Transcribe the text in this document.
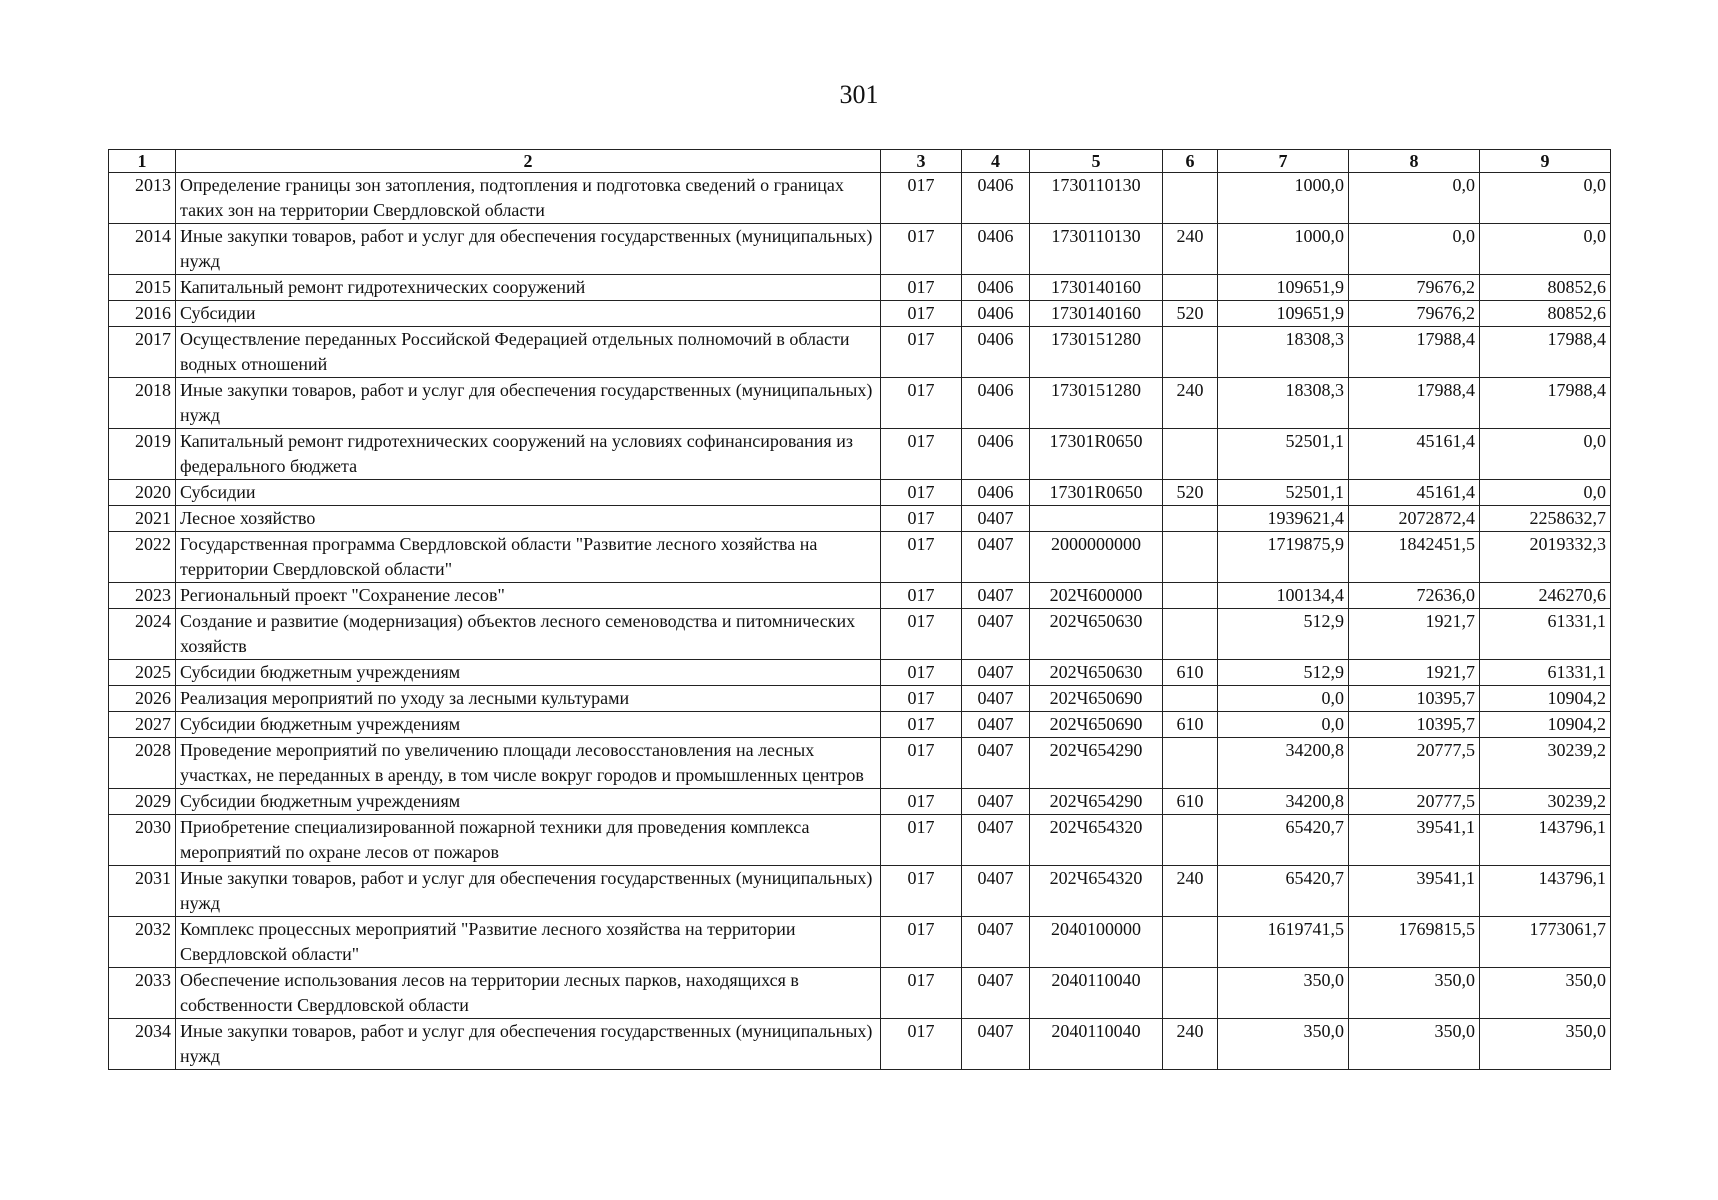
301
1	2	3	4	5	6	7	8	9
2013	Определение границы зон затопления, подтопления и подготовка сведений о границах таких зон на территории Свердловской области	017	0406	1730110130		1000,0	0,0	0,0
2014	Иные закупки товаров, работ и услуг для обеспечения государственных (муниципальных) нужд	017	0406	1730110130	240	1000,0	0,0	0,0
2015	Капитальный ремонт гидротехнических сооружений	017	0406	1730140160		109651,9	79676,2	80852,6
2016	Субсидии	017	0406	1730140160	520	109651,9	79676,2	80852,6
2017	Осуществление переданных Российской Федерацией отдельных полномочий в области водных отношений	017	0406	1730151280		18308,3	17988,4	17988,4
2018	Иные закупки товаров, работ и услуг для обеспечения государственных (муниципальных) нужд	017	0406	1730151280	240	18308,3	17988,4	17988,4
2019	Капитальный ремонт гидротехнических сооружений на условиях софинансирования из федерального бюджета	017	0406	17301R0650		52501,1	45161,4	0,0
2020	Субсидии	017	0406	17301R0650	520	52501,1	45161,4	0,0
2021	Лесное хозяйство	017	0407			1939621,4	2072872,4	2258632,7
2022	Государственная программа Свердловской области "Развитие лесного хозяйства на территории Свердловской области"	017	0407	2000000000		1719875,9	1842451,5	2019332,3
2023	Региональный проект "Сохранение лесов"	017	0407	202Ч600000		100134,4	72636,0	246270,6
2024	Создание и развитие (модернизация) объектов лесного семеноводства и питомнических хозяйств	017	0407	202Ч650630		512,9	1921,7	61331,1
2025	Субсидии бюджетным учреждениям	017	0407	202Ч650630	610	512,9	1921,7	61331,1
2026	Реализация мероприятий по уходу за лесными культурами	017	0407	202Ч650690		0,0	10395,7	10904,2
2027	Субсидии бюджетным учреждениям	017	0407	202Ч650690	610	0,0	10395,7	10904,2
2028	Проведение мероприятий по увеличению площади лесовосстановления на лесных участках, не переданных в аренду, в том числе вокруг городов и промышленных центров	017	0407	202Ч654290		34200,8	20777,5	30239,2
2029	Субсидии бюджетным учреждениям	017	0407	202Ч654290	610	34200,8	20777,5	30239,2
2030	Приобретение специализированной пожарной техники для проведения комплекса мероприятий по охране лесов от пожаров	017	0407	202Ч654320		65420,7	39541,1	143796,1
2031	Иные закупки товаров, работ и услуг для обеспечения государственных (муниципальных) нужд	017	0407	202Ч654320	240	65420,7	39541,1	143796,1
2032	Комплекс процессных мероприятий "Развитие лесного хозяйства на территории Свердловской области"	017	0407	2040100000		1619741,5	1769815,5	1773061,7
2033	Обеспечение использования лесов на территории лесных парков, находящихся в собственности Свердловской области	017	0407	2040110040		350,0	350,0	350,0
2034	Иные закупки товаров, работ и услуг для обеспечения государственных (муниципальных) нужд	017	0407	2040110040	240	350,0	350,0	350,0
